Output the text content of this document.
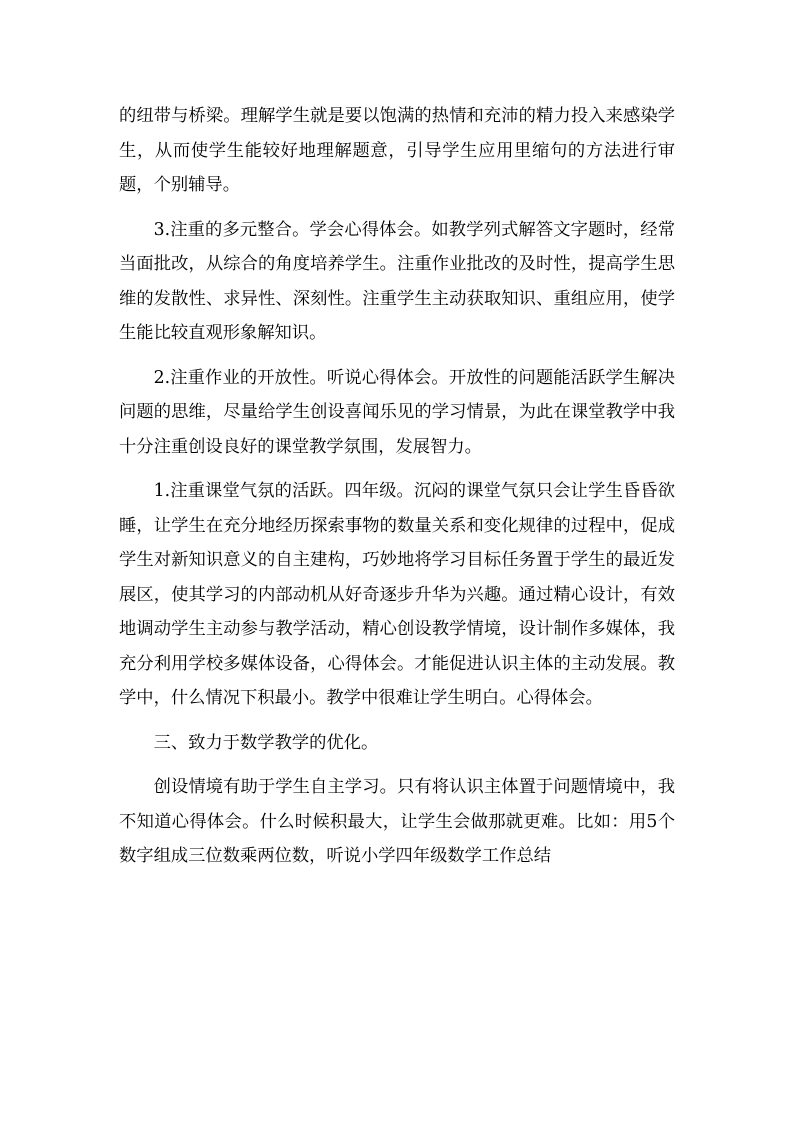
的纽带与桥梁。理解学生就是要以饱满的热情和充沛的精力投入来感染学生，从而使学生能较好地理解题意，引导学生应用里缩句的方法进行审题，个别辅导。

3.注重的多元整合。学会心得体会。如教学列式解答文字题时，经常当面批改，从综合的角度培养学生。注重作业批改的及时性，提高学生思维的发散性、求异性、深刻性。注重学生主动获取知识、重组应用，使学生能比较直观形象解知识。

2.注重作业的开放性。听说心得体会。开放性的问题能活跃学生解决问题的思维，尽量给学生创设喜闻乐见的学习情景，为此在课堂教学中我十分注重创设良好的课堂教学氛围，发展智力。

1.注重课堂气氛的活跃。四年级。沉闷的课堂气氛只会让学生昏昏欲睡，让学生在充分地经历探索事物的数量关系和变化规律的过程中，促成学生对新知识意义的自主建构，巧妙地将学习目标任务置于学生的最近发展区，使其学习的内部动机从好奇逐步升华为兴趣。通过精心设计，有效地调动学生主动参与教学活动，精心创设教学情境，设计制作多媒体，我充分利用学校多媒体设备，心得体会。才能促进认识主体的主动发展。教学中，什么情况下积最小。教学中很难让学生明白。心得体会。

三、致力于数学教学的优化。

创设情境有助于学生自主学习。只有将认识主体置于问题情境中，我不知道心得体会。什么时候积最大，让学生会做那就更难。比如：用5个数字组成三位数乘两位数，听说小学四年级数学工作总结
